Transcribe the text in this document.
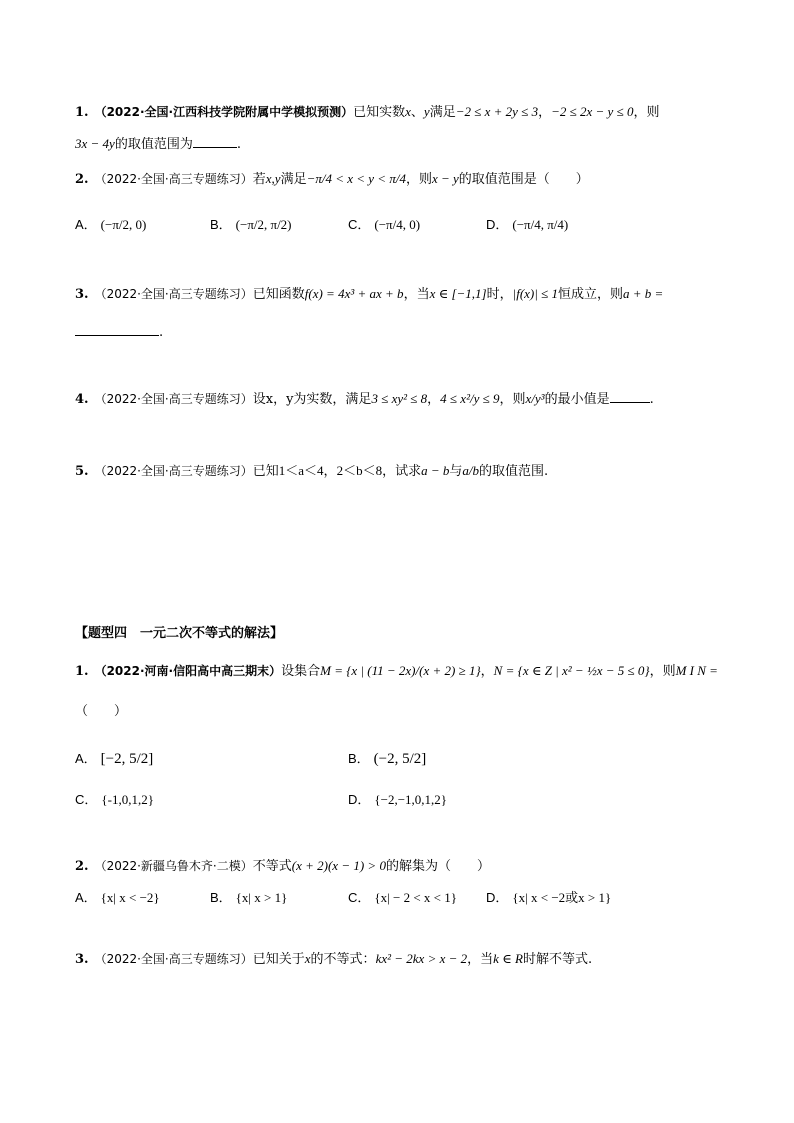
1. （2022·全国·江西科技学院附属中学模拟预测）已知实数x、y满足−2 ≤ x + 2y ≤ 3，−2 ≤ 2x − y ≤ 0，则
3x − 4y的取值范围为	.
2. （2022·全国·高三专题练习）若x,y满足−π/4 < x < y < π/4，则x − y的取值范围是（　　）
A． (−π/2, 0)	B． (−π/2, π/2)	C． (−π/4, 0)	D． (−π/4, π/4)
3. （2022·全国·高三专题练习）已知函数f(x) = 4x³ + ax + b，当x ∈ [−1,1]时，|f(x)| ≤ 1恒成立，则a + b =
.
4. （2022·全国·高三专题练习）设x，y为实数，满足3 ≤ xy² ≤ 8，4 ≤ x²/y ≤ 9，则x/y³的最小值是	.
5. （2022·全国·高三专题练习）已知1＜a＜4，2＜b＜8，试求a − b与a/b的取值范围.
【题型四　一元二次不等式的解法】
1. （2022·河南·信阳高中高三期末）设集合M = {x | (11 − 2x)/(x + 2) ≥ 1}，N = {x ∈ Z | x² − ½x − 5 ≤ 0}，则M I N =
（　　）
A． [−2, 5/2]	B． (−2, 5/2]
C． {-1,0,1,2}	D． {−2,−1,0,1,2}
2. （2022·新疆乌鲁木齐·二模）不等式(x + 2)(x − 1) > 0的解集为（　　）
A． {x| x < −2}	B． {x| x > 1}	C． {x| − 2 < x < 1} D． {x| x < −2或x > 1}
3. （2022·全国·高三专题练习）已知关于x的不等式：kx² − 2kx > x − 2，当k ∈ R时解不等式.
